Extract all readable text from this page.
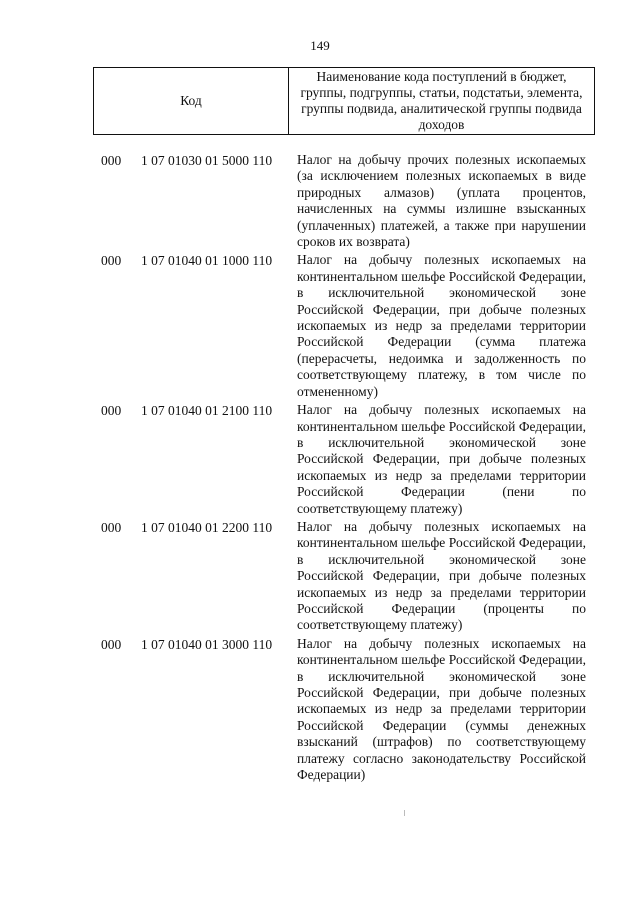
149
Код
Наименование кода поступлений в бюджет, группы, подгруппы, статьи, подстатьи, элемента, группы подвида, аналитической группы подвида доходов
000 1 07 01030 01 5000 110 Налог на добычу прочих полезных ископаемых (за исключением полезных ископаемых в виде природных алмазов) (уплата процентов, начисленных на суммы излишне взысканных (уплаченных) платежей, а также при нарушении сроков их возврата)
000 1 07 01040 01 1000 110 Налог на добычу полезных ископаемых на континентальном шельфе Российской Федерации, в исключительной экономической зоне Российской Федерации, при добыче полезных ископаемых из недр за пределами территории Российской Федерации (сумма платежа (перерасчеты, недоимка и задолженность по соответствующему платежу, в том числе по отмененному)
000 1 07 01040 01 2100 110 Налог на добычу полезных ископаемых на континентальном шельфе Российской Федерации, в исключительной экономической зоне Российской Федерации, при добыче полезных ископаемых из недр за пределами территории Российской Федерации (пени по соответствующему платежу)
000 1 07 01040 01 2200 110 Налог на добычу полезных ископаемых на континентальном шельфе Российской Федерации, в исключительной экономической зоне Российской Федерации, при добыче полезных ископаемых из недр за пределами территории Российской Федерации (проценты по соответствующему платежу)
000 1 07 01040 01 3000 110 Налог на добычу полезных ископаемых на континентальном шельфе Российской Федерации, в исключительной экономической зоне Российской Федерации, при добыче полезных ископаемых из недр за пределами территории Российской Федерации (суммы денежных взысканий (штрафов) по соответствующему платежу согласно законодательству Российской Федерации)
